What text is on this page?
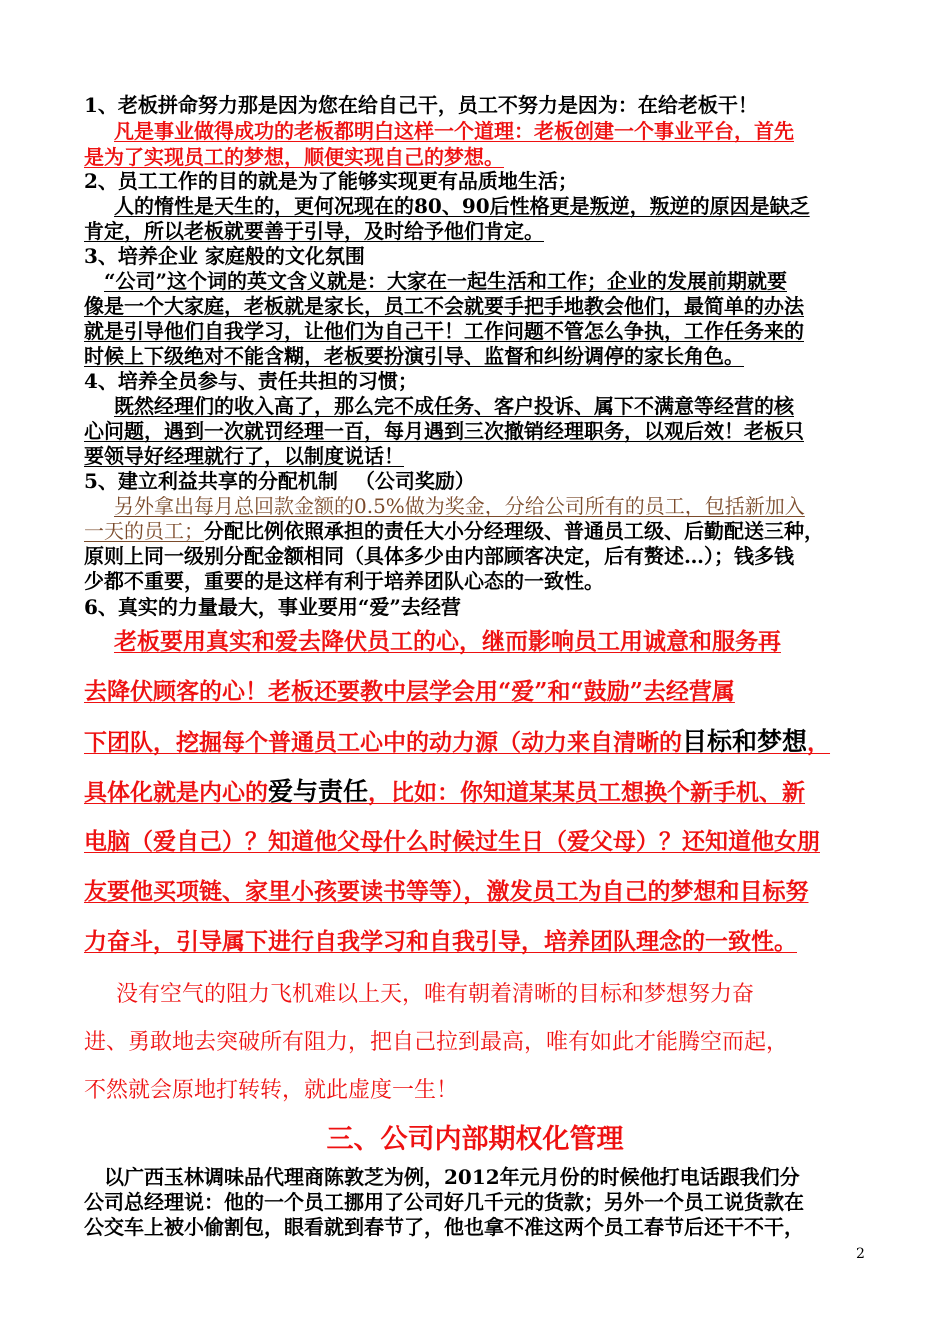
1、老板拼命努力那是因为您在给自己干，员工不努力是因为：在给老板干！
凡是事业做得成功的老板都明白这样一个道理：老板创建一个事业平台，首先
是为了实现员工的梦想，顺便实现自己的梦想。
2、员工工作的目的就是为了能够实现更有品质地生活；
人的惰性是天生的，更何况现在的80、90后性格更是叛逆，叛逆的原因是缺乏
肯定，所以老板就要善于引导，及时给予他们肯定。
3、培养企业 家庭般的文化氛围
“公司”这个词的英文含义就是：大家在一起生活和工作；企业的发展前期就要
像是一个大家庭，老板就是家长，员工不会就要手把手地教会他们，最简单的办法
就是引导他们自我学习，让他们为自己干！工作问题不管怎么争执，工作任务来的
时候上下级绝对不能含糊，老板要扮演引导、监督和纠纷调停的家长角色。
4、培养全员参与、责任共担的习惯；
既然经理们的收入高了，那么完不成任务、客户投诉、属下不满意等经营的核
心问题，遇到一次就罚经理一百，每月遇到三次撤销经理职务，以观后效！老板只
要领导好经理就行了，以制度说话！
5、建立利益共享的分配机制 （公司奖励）
另外拿出每月总回款金额的0.5%做为奖金，分给公司所有的员工，包括新加入
一天的员工；分配比例依照承担的责任大小分经理级、普通员工级、后勤配送三种，
原则上同一级别分配金额相同（具体多少由内部顾客决定，后有赘述…）；钱多钱
少都不重要，重要的是这样有利于培养团队心态的一致性。
6、真实的力量最大，事业要用“爱”去经营
老板要用真实和爱去降伏员工的心，继而影响员工用诚意和服务再
去降伏顾客的心！老板还要教中层学会用“爱”和“鼓励”去经营属
下团队，挖掘每个普通员工心中的动力源（动力来自清晰的目标和梦想，
具体化就是内心的爱与责任，比如：你知道某某员工想换个新手机、新
电脑（爱自己）？知道他父母什么时候过生日（爱父母）？还知道他女朋
友要他买项链、家里小孩要读书等等），激发员工为自己的梦想和目标努
力奋斗，引导属下进行自我学习和自我引导，培养团队理念的一致性。
没有空气的阻力飞机难以上天，唯有朝着清晰的目标和梦想努力奋
进、勇敢地去突破所有阻力，把自己拉到最高，唯有如此才能腾空而起，
不然就会原地打转转，就此虚度一生！
三、公司内部期权化管理
以广西玉林调味品代理商陈敦芝为例，2012年元月份的时候他打电话跟我们分
公司总经理说：他的一个员工挪用了公司好几千元的货款；另外一个员工说货款在
公交车上被小偷割包，眼看就到春节了，他也拿不准这两个员工春节后还干不干，
2
